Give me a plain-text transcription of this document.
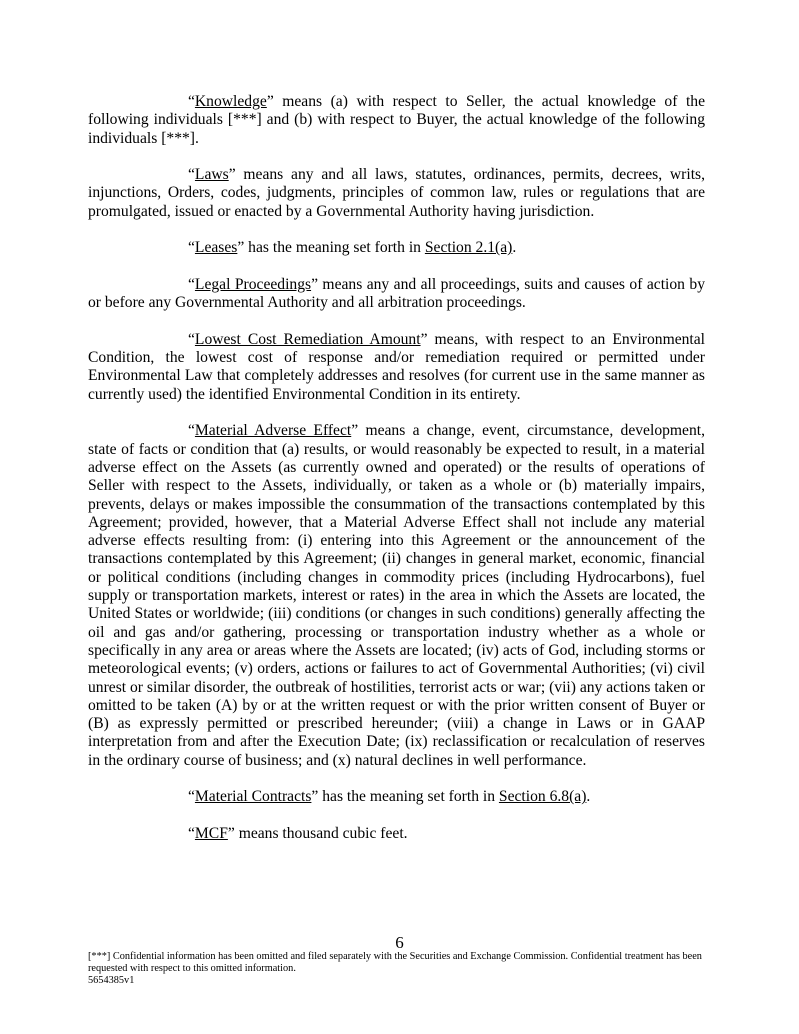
“Knowledge” means (a) with respect to Seller, the actual knowledge of the following individuals [***] and (b) with respect to Buyer, the actual knowledge of the following individuals [***].

“Laws” means any and all laws, statutes, ordinances, permits, decrees, writs, injunctions, Orders, codes, judgments, principles of common law, rules or regulations that are promulgated, issued or enacted by a Governmental Authority having jurisdiction.

“Leases” has the meaning set forth in Section 2.1(a).

“Legal Proceedings” means any and all proceedings, suits and causes of action by or before any Governmental Authority and all arbitration proceedings.

“Lowest Cost Remediation Amount” means, with respect to an Environmental Condition, the lowest cost of response and/or remediation required or permitted under Environmental Law that completely addresses and resolves (for current use in the same manner as currently used) the identified Environmental Condition in its entirety.

“Material Adverse Effect” means a change, event, circumstance, development, state of facts or condition that (a) results, or would reasonably be expected to result, in a material adverse effect on the Assets (as currently owned and operated) or the results of operations of Seller with respect to the Assets, individually, or taken as a whole or (b) materially impairs, prevents, delays or makes impossible the consummation of the transactions contemplated by this Agreement; provided, however, that a Material Adverse Effect shall not include any material adverse effects resulting from: (i) entering into this Agreement or the announcement of the transactions contemplated by this Agreement; (ii) changes in general market, economic, financial or political conditions (including changes in commodity prices (including Hydrocarbons), fuel supply or transportation markets, interest or rates) in the area in which the Assets are located, the United States or worldwide; (iii) conditions (or changes in such conditions) generally affecting the oil and gas and/or gathering, processing or transportation industry whether as a whole or specifically in any area or areas where the Assets are located; (iv) acts of God, including storms or meteorological events; (v) orders, actions or failures to act of Governmental Authorities; (vi) civil unrest or similar disorder, the outbreak of hostilities, terrorist acts or war; (vii) any actions taken or omitted to be taken (A) by or at the written request or with the prior written consent of Buyer or (B) as expressly permitted or prescribed hereunder; (viii) a change in Laws or in GAAP interpretation from and after the Execution Date; (ix) reclassification or recalculation of reserves in the ordinary course of business; and (x) natural declines in well performance.

“Material Contracts” has the meaning set forth in Section 6.8(a).

“MCF” means thousand cubic feet.

6
[***] Confidential information has been omitted and filed separately with the Securities and Exchange Commission. Confidential treatment has been requested with respect to this omitted information.
5654385v1
